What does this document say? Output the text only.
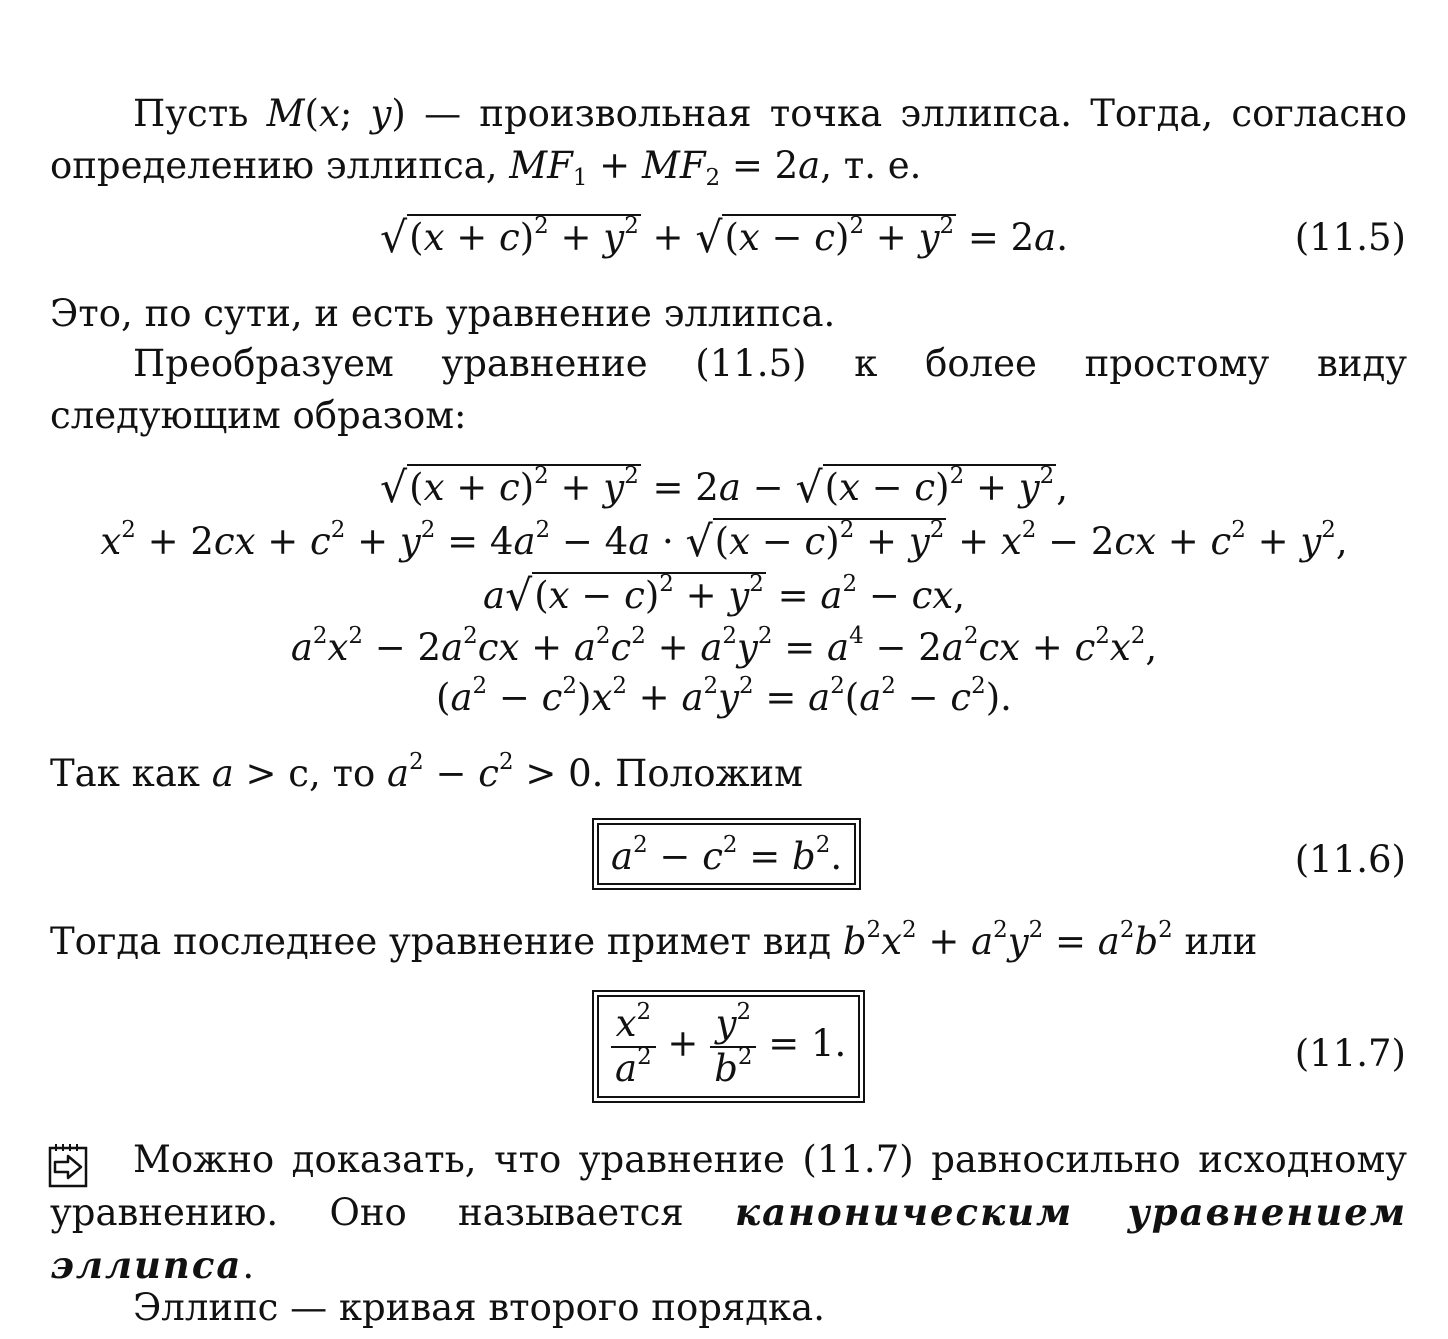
Пусть M(x; y) — произвольная точка эллипса. Тогда, согласно определению эллипса, $MF_1 + MF_2 = 2a$, т. е.
$√(x + c)^2 + y^2 + √(x - c)^2 + y^2 = 2a$.	(11.5)
Это, по сути, и есть уравнение эллипса.
Преобразуем уравнение (11.5) к более простому виду следующим образом:
$√(x + c)^2 + y^2 = 2a - √(x - c)^2 + y^2$,
$x^2 + 2cx + c^2 + y^2 = 4a^2 - 4a \cdot √(x - c)^2 + y^2 + x^2 - 2cx + c^2 + y^2$,
$a√(x - c)^2 + y^2 = a^2$ − cx,
$a^2x^2 - 2a^2cx + a^2c^2 + a^2y^2 = a^4 - 2a^2cx + c^2x^2$,
$(a^2 - c^2)x^2 + a^2y^2 = a^2(a^2 - c^2)$.
Так как a > c, то $a^2 - c^2 > 0$. Положим
$a^2 - c^2 = b^2$.	(11.6)
Тогда последнее уравнение примет вид $b^2x^2 + a^2y^2 = a^2b^2$ или
$\frac{x^2}{a^2} + \frac{y^2}{b^2} = 1$.	(11.7)
Можно доказать, что уравнение (11.7) равносильно исходному уравнению. Оно называется каноническим уравнением эллипса.
Эллипс — кривая второго порядка.
